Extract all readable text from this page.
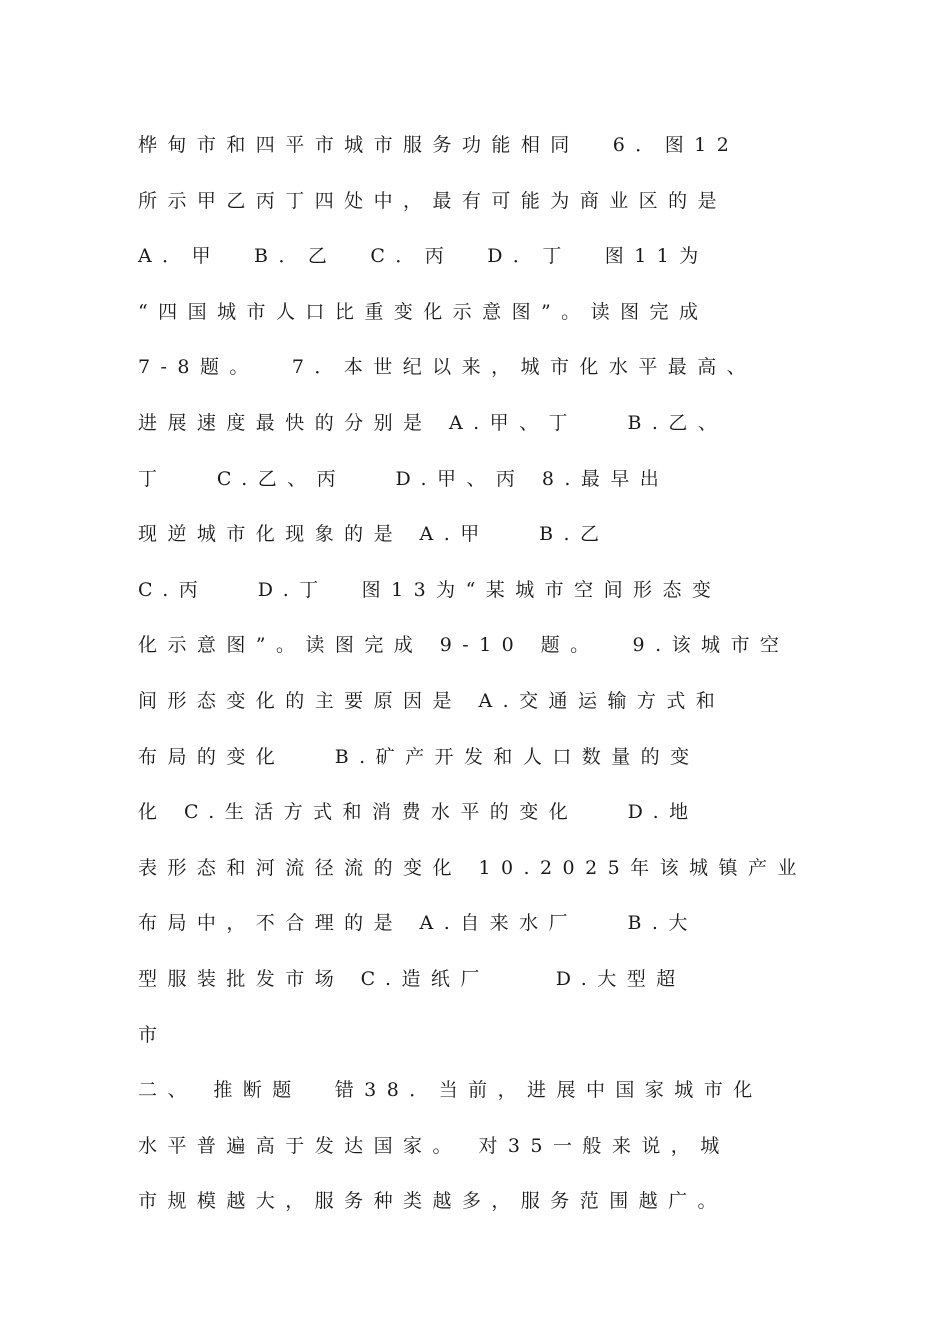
桦甸市和四平市城市服务功能相同  6．图12
所示甲乙丙丁四处中，最有可能为商业区的是
A．甲  B．乙  C．丙  D．丁  图11为
“四国城市人口比重变化示意图”。读图完成
7-8题。  7．本世纪以来，城市化水平最高、
进展速度最快的分别是 A.甲、丁   B.乙、
丁   C.乙、丙   D.甲、丙 8.最早出
现逆城市化现象的是 A.甲   B.乙
C.丙   D.丁  图13为“某城市空间形态变
化示意图”。读图完成 9-10 题。  9.该城市空
间形态变化的主要原因是 A.交通运输方式和
布局的变化   B.矿产开发和人口数量的变
化 C.生活方式和消费水平的变化   D.地
表形态和河流径流的变化 10.2025年该城镇产业
布局中，不合理的是 A.自来水厂   B.大
型服装批发市场 C.造纸厂    D.大型超
市
二、 推断题  错38．当前，进展中国家城市化
水平普遍高于发达国家。 对35一般来说，城
市规模越大，服务种类越多，服务范围越广。
